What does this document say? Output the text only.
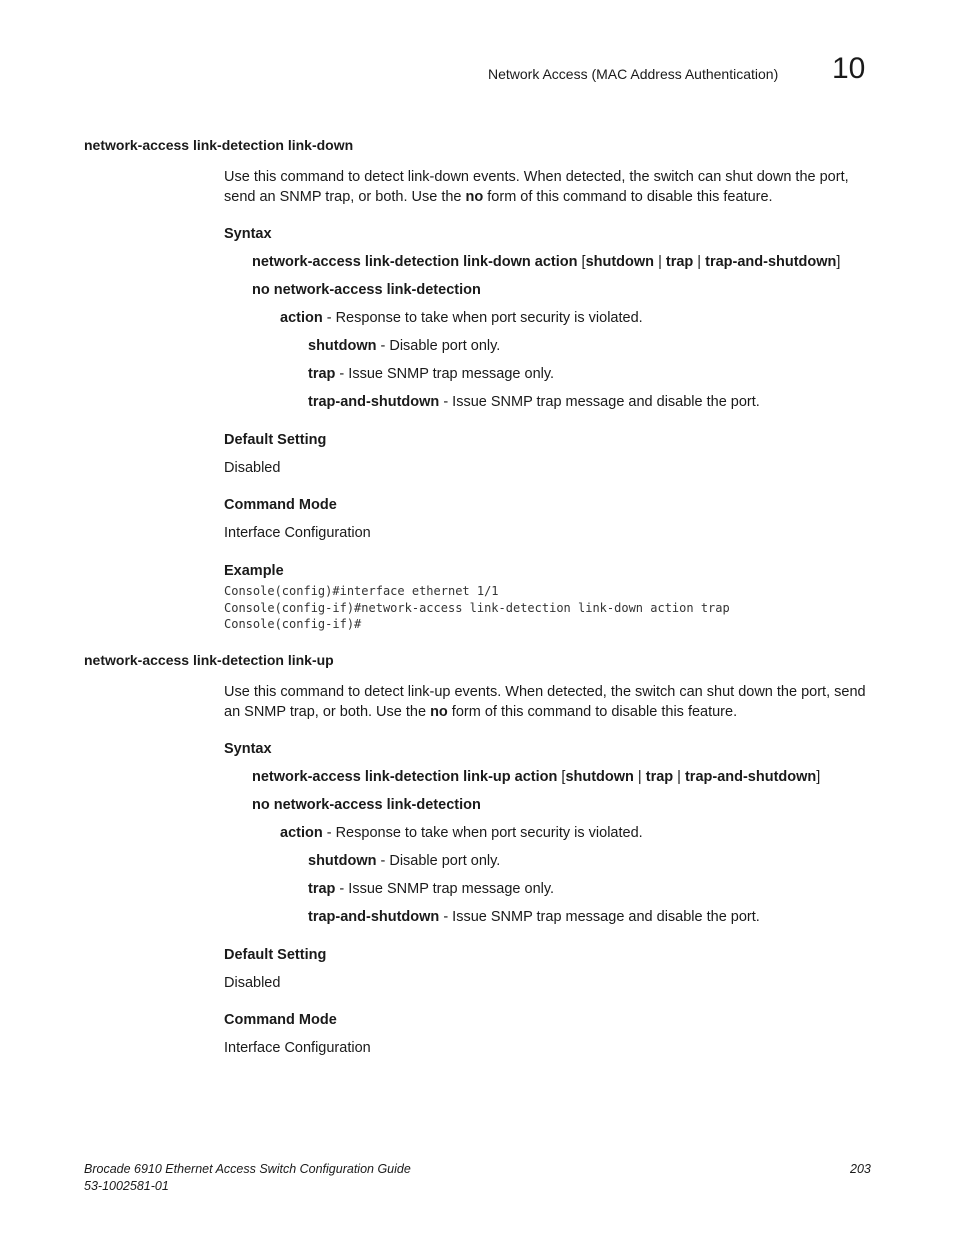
Network Access (MAC Address Authentication) 10
network-access link-detection link-down
Use this command to detect link-down events. When detected, the switch can shut down the port, send an SNMP trap, or both. Use the no form of this command to disable this feature.
Syntax
network-access link-detection link-down action [shutdown | trap | trap-and-shutdown]
no network-access link-detection
action - Response to take when port security is violated.
shutdown - Disable port only.
trap - Issue SNMP trap message only.
trap-and-shutdown - Issue SNMP trap message and disable the port.
Default Setting
Disabled
Command Mode
Interface Configuration
Example
Console(config)#interface ethernet 1/1
Console(config-if)#network-access link-detection link-down action trap
Console(config-if)#
network-access link-detection link-up
Use this command to detect link-up events. When detected, the switch can shut down the port, send an SNMP trap, or both. Use the no form of this command to disable this feature.
Syntax
network-access link-detection link-up action [shutdown | trap | trap-and-shutdown]
no network-access link-detection
action - Response to take when port security is violated.
shutdown - Disable port only.
trap - Issue SNMP trap message only.
trap-and-shutdown - Issue SNMP trap message and disable the port.
Default Setting
Disabled
Command Mode
Interface Configuration
Brocade 6910 Ethernet Access Switch Configuration Guide
53-1002581-01
203
